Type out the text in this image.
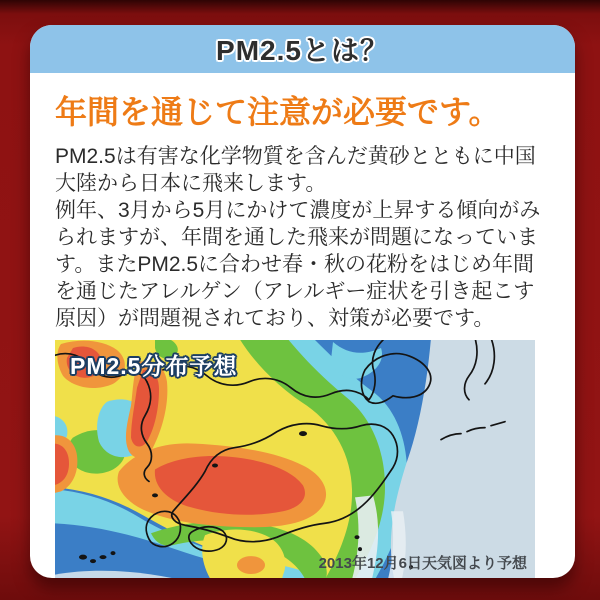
PM2.5とは？
年間を通じて注意が必要です。

PM2.5は有害な化学物質を含んだ黄砂とともに中国大陸から日本に飛来します。

例年、3月から5月にかけて濃度が上昇する傾向がみられますが、年間を通した飛来が問題になっています。またPM2.5に合わせ春・秋の花粉をはじめ年間を通じたアレルゲン（アレルギー症状を引き起こす原因）が問題視されており、対策が必要です。

PM2.5分布予想
2013年12月6日天気図より予想
